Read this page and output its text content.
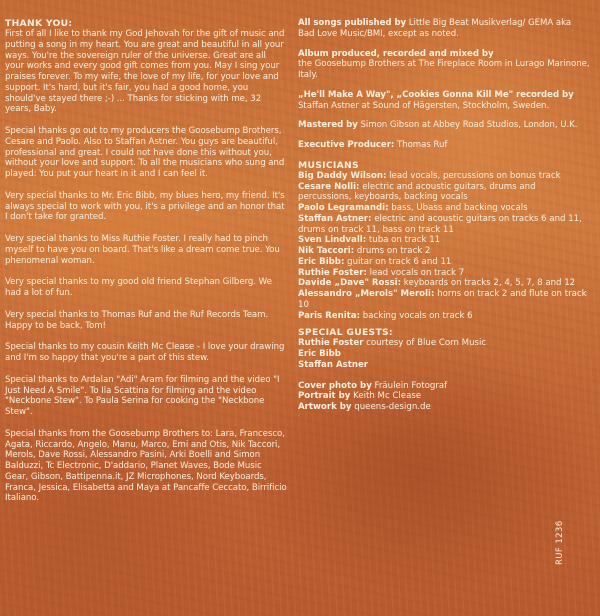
THANK YOU:

First of all I like to thank my God Jehovah for the gift of music and putting a song in my heart. You are great and beautiful in all your ways. You're the sovereign ruler of the universe. Great are all your works and every good gift comes from you. May I sing your praises forever. To my wife, the love of my life, for your love and support. It's hard, but it's fair, you had a good home, you should've stayed there ;-) ... Thanks for sticking with me, 32 years, Baby.

Special thanks go out to my producers the Goosebump Brothers, Cesare and Paolo. Also to Staffan Astner. You guys are beautiful, professional and great. I could not have done this without you, without your love and support. To all the musicians who sung and played: You put your heart in it and I can feel it.

Very special thanks to Mr. Eric Bibb, my blues hero, my friend. It's always special to work with you, it's a privilege and an honor that I don't take for granted.

Very special thanks to Miss Ruthie Foster. I really had to pinch myself to have you on board. That's like a dream come true. You phenomenal woman.

Very special thanks to my good old friend Stephan Gilberg. We had a lot of fun.

Very special thanks to Thomas Ruf and the Ruf Records Team. Happy to be back, Tom!

Special thanks to my cousin Keith Mc Clease - I love your drawing and I'm so happy that you're a part of this stew.

Special thanks to Ardalan "Adi" Aram for filming and the video "I Just Need A Smile". To Ila Scattina for filming and the video "Neckbone Stew". To Paula Serina for cooking the "Neckbone Stew".

Special thanks from the Goosebump Brothers to: Lara, Francesco, Agata, Riccardo, Angelo, Manu, Marco, Emi and Otis, Nik Taccori, Merols, Dave Rossi, Alessandro Pasini, Arki Boelli and Simon Balduzzi, Tc Electronic, D'addario, Planet Waves, Bode Music Gear, Gibson, Battipenna.it, JZ Microphones, Nord Keyboards, Franca, Jessica, Elisabetta and Maya at Pancaffe Ceccato, Birrificio Italiano.

All songs published by Little Big Beat Musikverlag/ GEMA aka Bad Love Music/BMI, except as noted.

Album produced, recorded and mixed by
the Goosebump Brothers at The Fireplace Room in Lurago Marinone, Italy.

„He'll Make A Way", „Cookies Gonna Kill Me" recorded by Staffan Astner at Sound of Hägersten, Stockholm, Sweden.

Mastered by Simon Gibson at Abbey Road Studios, London, U.K.

Executive Producer: Thomas Ruf

MUSICIANS

Big Daddy Wilson: lead vocals, percussions on bonus track

Cesare Nolli: electric and acoustic guitars, drums and percussions, keyboards, backing vocals

Paolo Legramandi: bass, Ubass and backing vocals

Staffan Astner: electric and acoustic guitars on tracks 6 and 11, drums on track 11, bass on track 11

Sven Lindvall: tuba on track 11

Nik Taccori: drums on track 2

Eric Bibb: guitar on track 6 and 11

Ruthie Foster: lead vocals on track 7

Davide „Dave" Rossi: keyboards on tracks 2, 4, 5, 7, 8 and 12

Alessandro „Merols" Meroli: horns on track 2 and flute on track 10

Paris Renita: backing vocals on track 6

SPECIAL GUESTS:

Ruthie Foster courtesy of Blue Corn Music

Eric Bibb

Staffan Astner

Cover photo by Fräulein Fotograf

Portrait by Keith Mc Clease

Artwork by queens-design.de

RUF 1236
